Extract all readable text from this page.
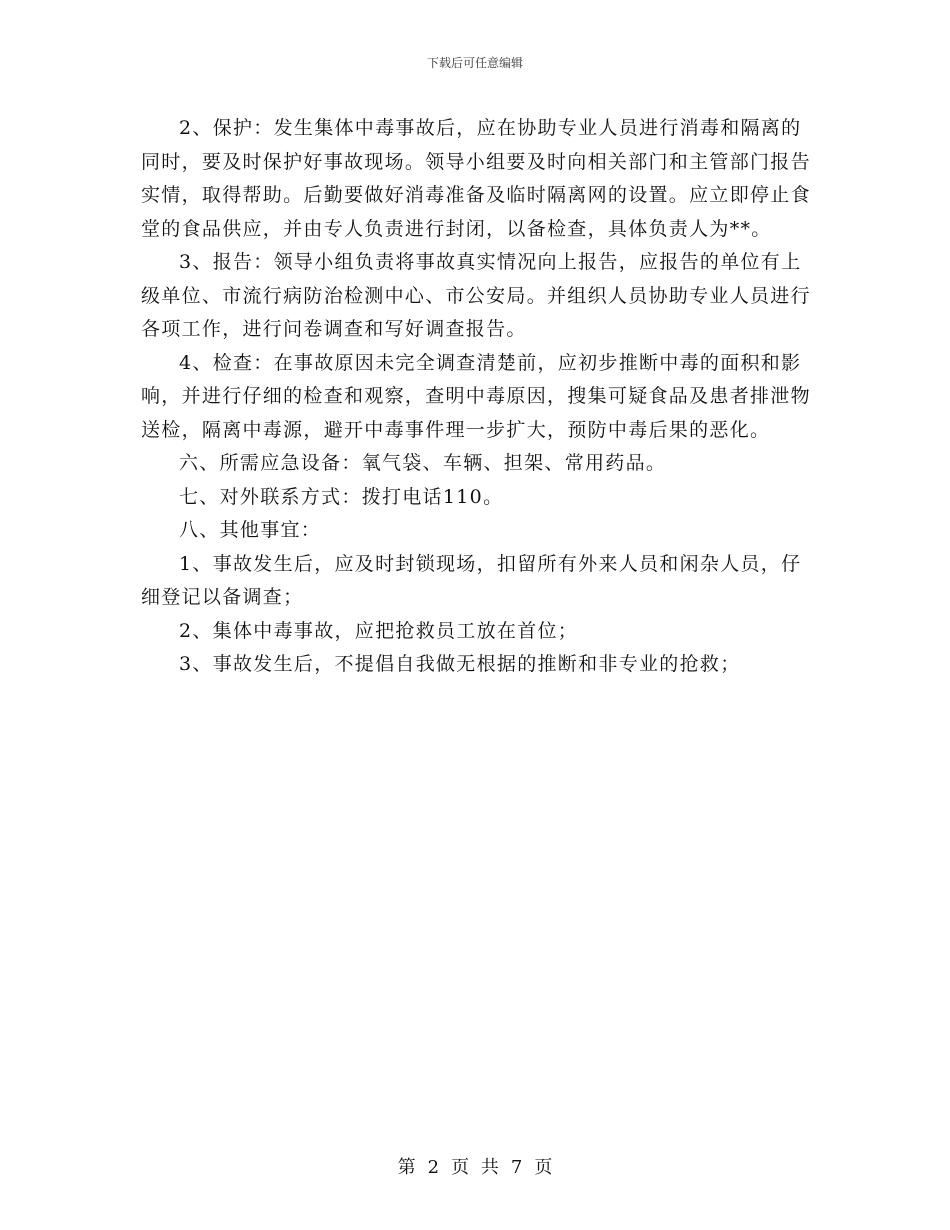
下载后可任意编辑

2、保护：发生集体中毒事故后，应在协助专业人员进行消毒和隔离的同时，要及时保护好事故现场。领导小组要及时向相关部门和主管部门报告实情，取得帮助。后勤要做好消毒准备及临时隔离网的设置。应立即停止食堂的食品供应，并由专人负责进行封闭，以备检查，具体负责人为**。

3、报告：领导小组负责将事故真实情况向上报告，应报告的单位有上级单位、市流行病防治检测中心、市公安局。并组织人员协助专业人员进行各项工作，进行问卷调查和写好调查报告。

4、检查：在事故原因未完全调查清楚前，应初步推断中毒的面积和影响，并进行仔细的检查和观察，查明中毒原因，搜集可疑食品及患者排泄物送检，隔离中毒源，避开中毒事件理一步扩大，预防中毒后果的恶化。

六、所需应急设备：氧气袋、车辆、担架、常用药品。

七、对外联系方式：拨打电话110。

八、其他事宜：

1、事故发生后，应及时封锁现场，扣留所有外来人员和闲杂人员，仔细登记以备调查；

2、集体中毒事故，应把抢救员工放在首位；

3、事故发生后，不提倡自我做无根据的推断和非专业的抢救；

第 2 页 共 7 页
